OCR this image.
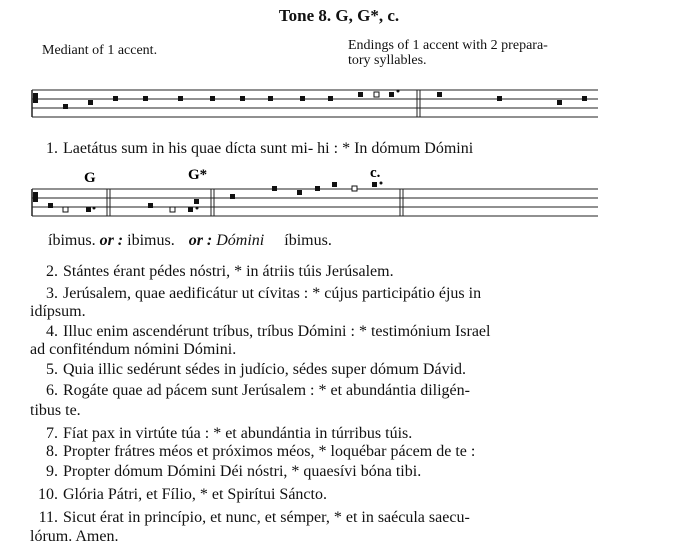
Tone 8. G, G*, c.
Mediant of 1 accent.	Endings of 1 accent with 2 prepara-
tory syllables.
1. Laetátus sum in his quae dícta sunt mi- hi : * In dómum Dómini
G	G*	c.
íbimus. or : ibimus. or : Dómini íbimus.
2. Stántes érant pédes nóstri, * in átriis túis Jerúsalem.
3. Jerúsalem, quae aedificátur ut cívitas : * cújus participátio éjus in
idípsum.
4. Illuc enim ascendérunt tríbus, tríbus Dómini : * testimónium Israel
ad confiténdum nómini Dómini.
5. Quia illic sedérunt sédes in judício, sédes super dómum Dávid.
6. Rogáte quae ad pácem sunt Jerúsalem : * et abundántia diligén-
tibus te.
7. Fíat pax in virtúte túa : * et abundántia in túrribus túis.
8. Propter frátres méos et próximos méos, * loquébar pácem de te :
9. Propter dómum Dómini Déi nóstri, * quaesívi bóna tibi.
10. Glória Pátri, et Fílio, * et Spirítui Sáncto.
11. Sicut érat in princípio, et nunc, et sémper, * et in saécula saecu-
lórum. Amen.
